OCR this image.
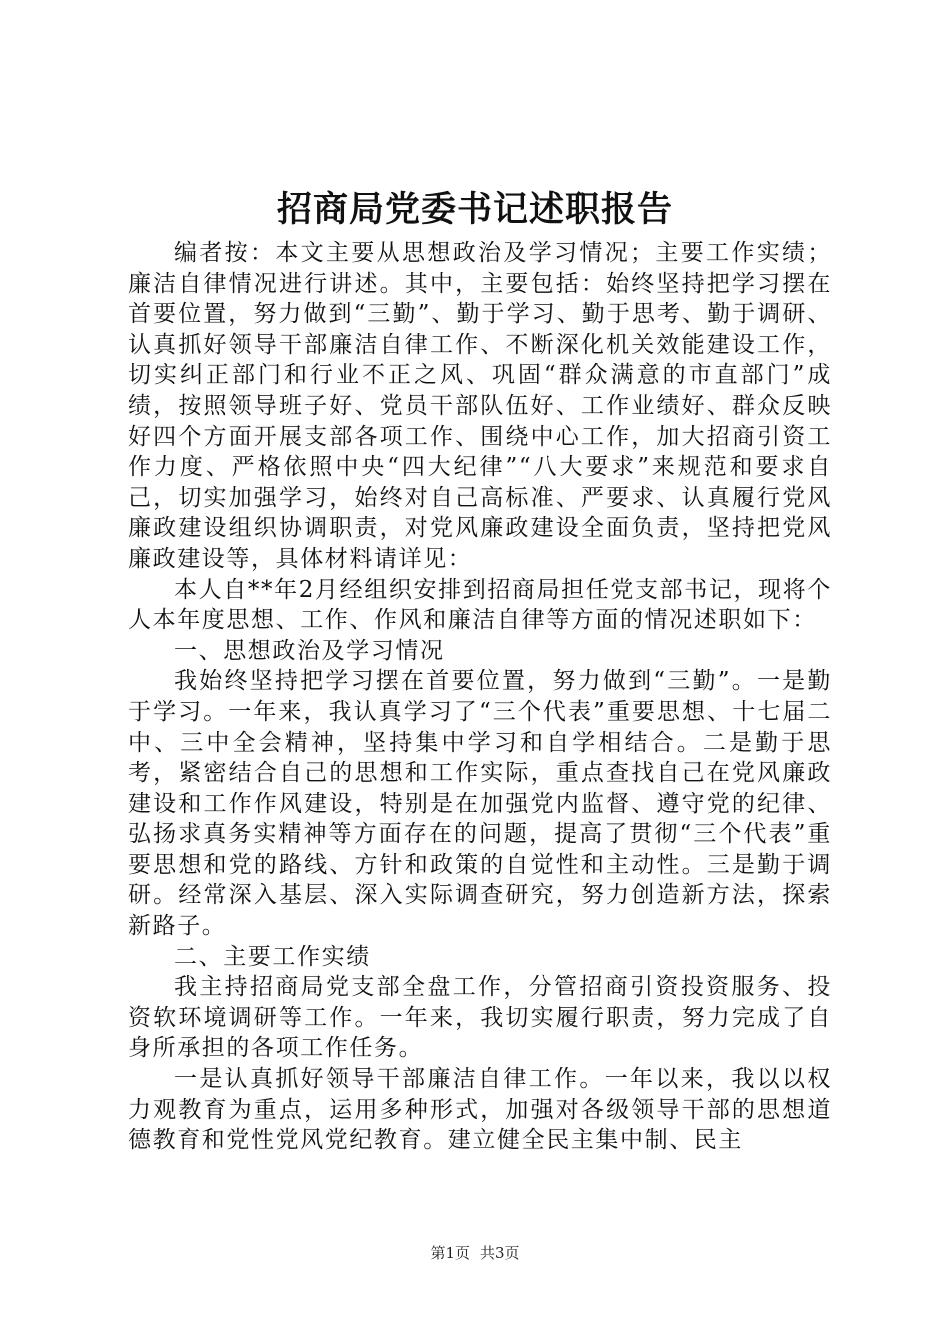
招商局党委书记述职报告

编者按：本文主要从思想政治及学习情况；主要工作实绩；廉洁自律情况进行讲述。其中，主要包括：始终坚持把学习摆在首要位置，努力做到“三勤”、勤于学习、勤于思考、勤于调研、认真抓好领导干部廉洁自律工作、不断深化机关效能建设工作，切实纠正部门和行业不正之风、巩固“群众满意的市直部门”成绩，按照领导班子好、党员干部队伍好、工作业绩好、群众反映好四个方面开展支部各项工作、围绕中心工作，加大招商引资工作力度、严格依照中央“四大纪律”“八大要求”来规范和要求自己，切实加强学习，始终对自己高标准、严要求、认真履行党风廉政建设组织协调职责，对党风廉政建设全面负责，坚持把党风廉政建设等，具体材料请详见：

本人自**年2月经组织安排到招商局担任党支部书记，现将个人本年度思想、工作、作风和廉洁自律等方面的情况述职如下：

一、思想政治及学习情况

我始终坚持把学习摆在首要位置，努力做到“三勤”。一是勤于学习。一年来，我认真学习了“三个代表”重要思想、十七届二中、三中全会精神，坚持集中学习和自学相结合。二是勤于思考，紧密结合自己的思想和工作实际，重点查找自己在党风廉政建设和工作作风建设，特别是在加强党内监督、遵守党的纪律、弘扬求真务实精神等方面存在的问题，提高了贯彻“三个代表”重要思想和党的路线、方针和政策的自觉性和主动性。三是勤于调研。经常深入基层、深入实际调查研究，努力创造新方法，探索新路子。

二、主要工作实绩

我主持招商局党支部全盘工作，分管招商引资投资服务、投资软环境调研等工作。一年来，我切实履行职责，努力完成了自身所承担的各项工作任务。

一是认真抓好领导干部廉洁自律工作。一年以来，我以以权力观教育为重点，运用多种形式，加强对各级领导干部的思想道德教育和党性党风党纪教育。建立健全民主集中制、民主

第1页 共3页
